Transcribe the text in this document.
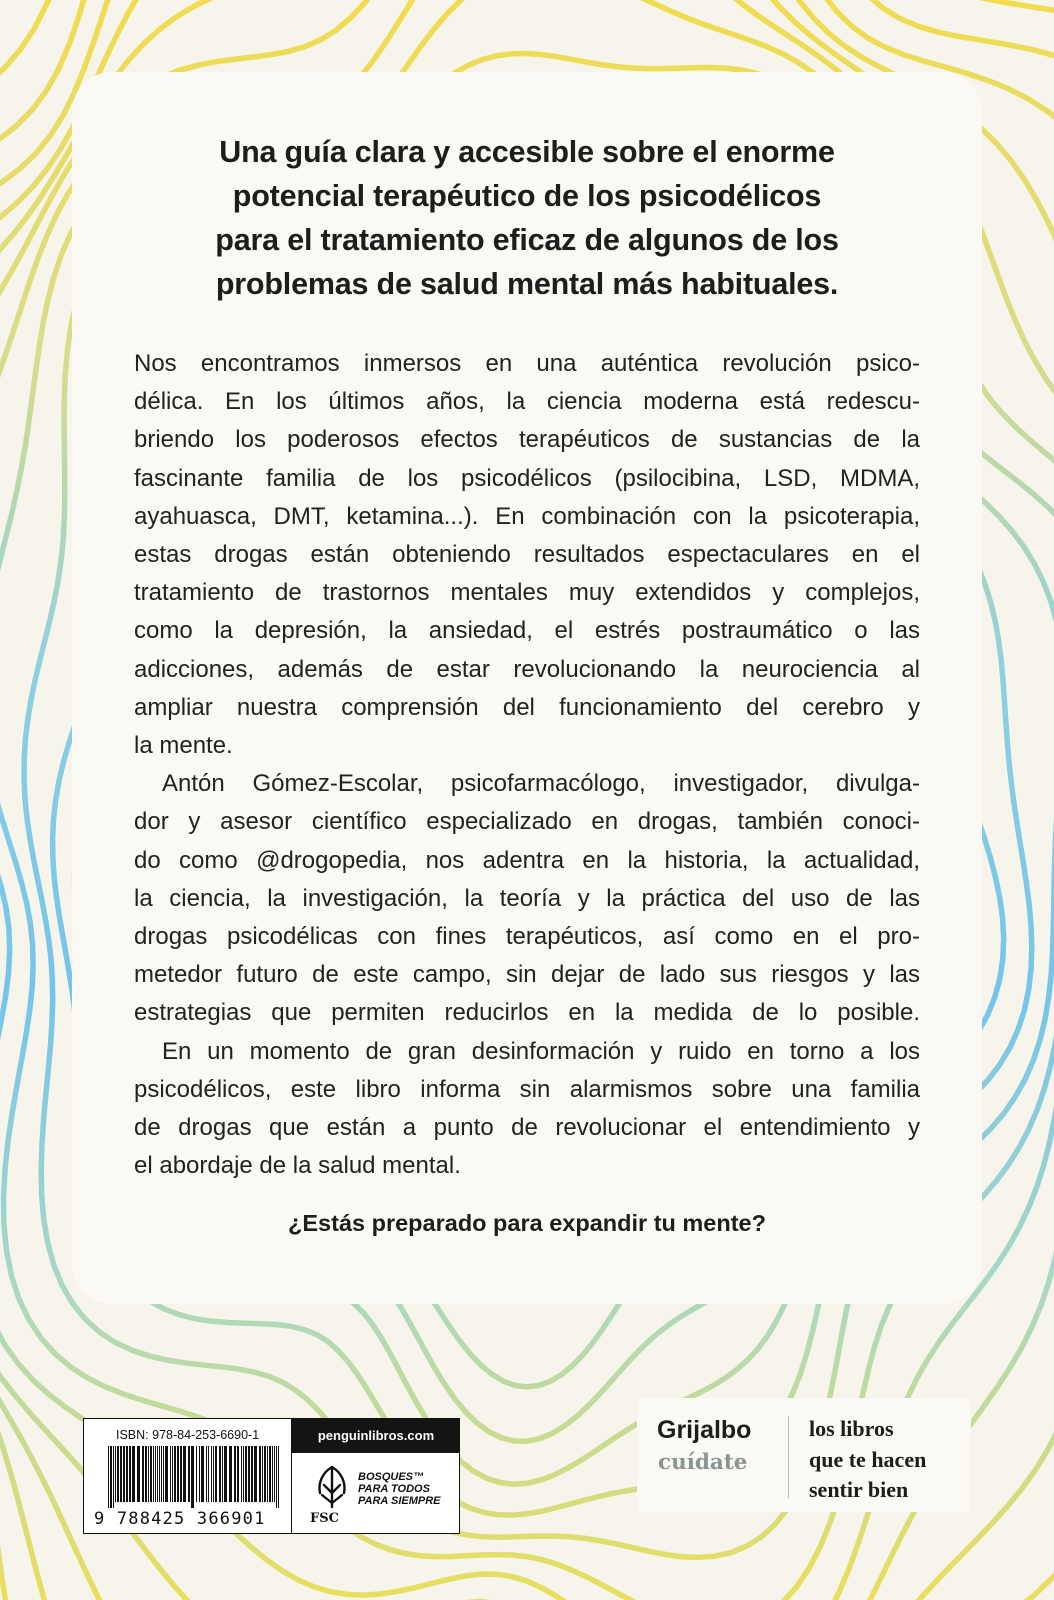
Una guía clara y accesible sobre el enorme
potencial terapéutico de los psicodélicos
para el tratamiento eficaz de algunos de los
problemas de salud mental más habituales.
Nos encontramos inmersos en una auténtica revolución psico-
délica. En los últimos años, la ciencia moderna está redescu-
briendo los poderosos efectos terapéuticos de sustancias de la
fascinante familia de los psicodélicos (psilocibina, LSD, MDMA,
ayahuasca, DMT, ketamina...). En combinación con la psicoterapia,
estas drogas están obteniendo resultados espectaculares en el
tratamiento de trastornos mentales muy extendidos y complejos,
como la depresión, la ansiedad, el estrés postraumático o las
adicciones, además de estar revolucionando la neurociencia al
ampliar nuestra comprensión del funcionamiento del cerebro y
la mente.
Antón Gómez-Escolar, psicofarmacólogo, investigador, divulga-
dor y asesor científico especializado en drogas, también conoci-
do como @drogopedia, nos adentra en la historia, la actualidad,
la ciencia, la investigación, la teoría y la práctica del uso de las
drogas psicodélicas con fines terapéuticos, así como en el pro-
metedor futuro de este campo, sin dejar de lado sus riesgos y las
estrategias que permiten reducirlos en la medida de lo posible.
En un momento de gran desinformación y ruido en torno a los
psicodélicos, este libro informa sin alarmismos sobre una familia
de drogas que están a punto de revolucionar el entendimiento y
el abordaje de la salud mental.
¿Estás preparado para expandir tu mente?
ISBN: 978-84-253-6690-1
9 788425 366901
penguinlibros.com
FSC
BOSQUES™
PARA TODOS
PARA SIEMPRE
Grijalbo
cuídate
los libros
que te hacen
sentir bien
